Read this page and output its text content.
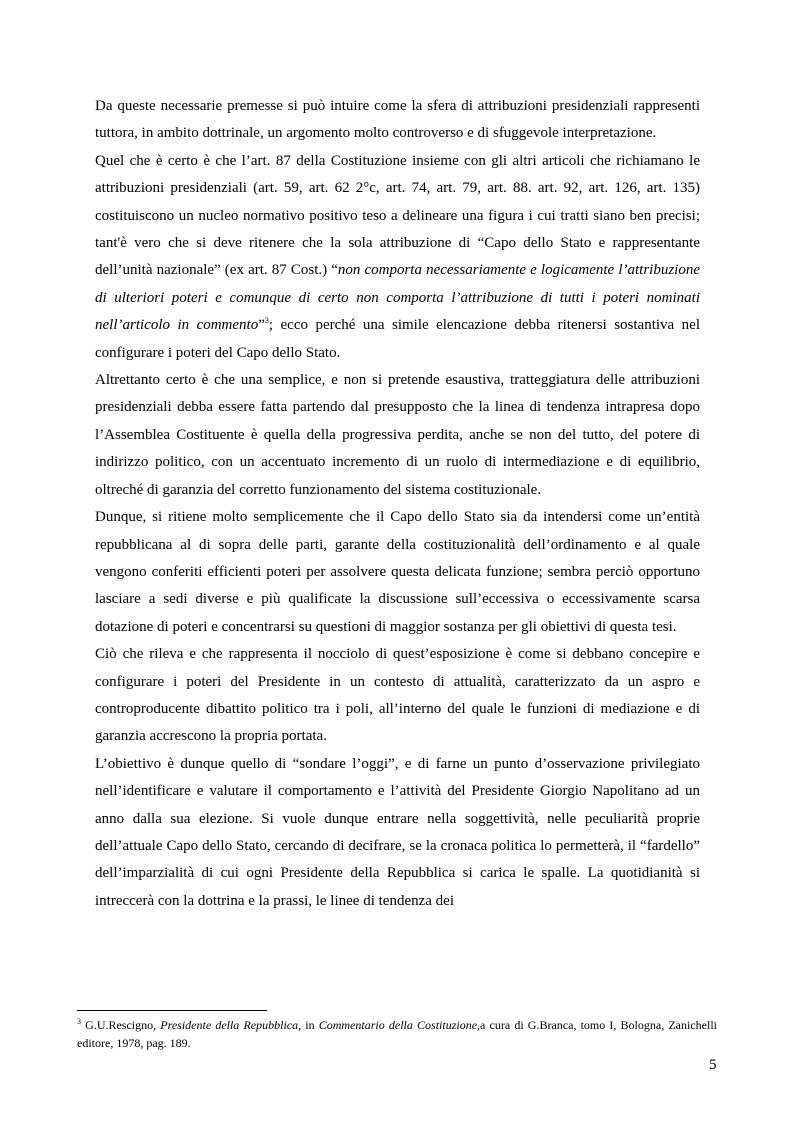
Da queste necessarie premesse si può intuire come la sfera di attribuzioni presidenziali rappresenti tuttora, in ambito dottrinale, un argomento molto controverso e di sfuggevole interpretazione.

Quel che è certo è che l’art. 87 della Costituzione insieme con gli altri articoli che richiamano le attribuzioni presidenziali (art. 59, art. 62 2°c, art. 74, art. 79, art. 88. art. 92, art. 126, art. 135) costituiscono un nucleo normativo positivo teso a delineare una figura i cui tratti siano ben precisi; tant'è vero che si deve ritenere che la sola attribuzione di “Capo dello Stato e rappresentante dell’unità nazionale” (ex art. 87 Cost.) “non comporta necessariamente e logicamente l’attribuzione di ulteriori poteri e comunque di certo non comporta l’attribuzione di tutti i poteri nominati nell’articolo in commento”$^3$; ecco perché una simile elencazione debba ritenersi sostantiva nel configurare i poteri del Capo dello Stato.

Altrettanto certo è che una semplice, e non si pretende esaustiva, tratteggiatura delle attribuzioni presidenziali debba essere fatta partendo dal presupposto che la linea di tendenza intrapresa dopo l’Assemblea Costituente è quella della progressiva perdita, anche se non del tutto, del potere di indirizzo politico, con un accentuato incremento di un ruolo di intermediazione e di equilibrio, oltreché di garanzia del corretto funzionamento del sistema costituzionale.

Dunque, si ritiene molto semplicemente che il Capo dello Stato sia da intendersi come un’entità repubblicana al di sopra delle parti, garante della costituzionalità dell’ordinamento e al quale vengono conferiti efficienti poteri per assolvere questa delicata funzione; sembra perciò opportuno lasciare a sedi diverse e più qualificate la discussione sull’eccessiva o eccessivamente scarsa dotazione di poteri e concentrarsi su questioni di maggior sostanza per gli obiettivi di questa tesi.

Ciò che rileva e che rappresenta il nocciolo di quest’esposizione è come si debbano concepire e configurare i poteri del Presidente in un contesto di attualità, caratterizzato da un aspro e controproducente dibattito politico tra i poli, all’interno del quale le funzioni di mediazione e di garanzia accrescono la propria portata.

L’obiettivo è dunque quello di “sondare l’oggi”, e di farne un punto d’osservazione privilegiato nell’identificare e valutare il comportamento e l’attività del Presidente Giorgio Napolitano ad un anno dalla sua elezione. Si vuole dunque entrare nella soggettività, nelle peculiarità proprie dell’attuale Capo dello Stato, cercando di decifrare, se la cronaca politica lo permetterà, il “fardello” dell’imparzialità di cui ogni Presidente della Repubblica si carica le spalle. La quotidianità si intreccerà con la dottrina e la prassi, le linee di tendenza dei

$^3$ G.U.Rescigno, Presidente della Repubblica, in Commentario della Costituzione,a cura di G.Branca, tomo I, Bologna, Zanichelli editore, 1978, pag. 189.
5
